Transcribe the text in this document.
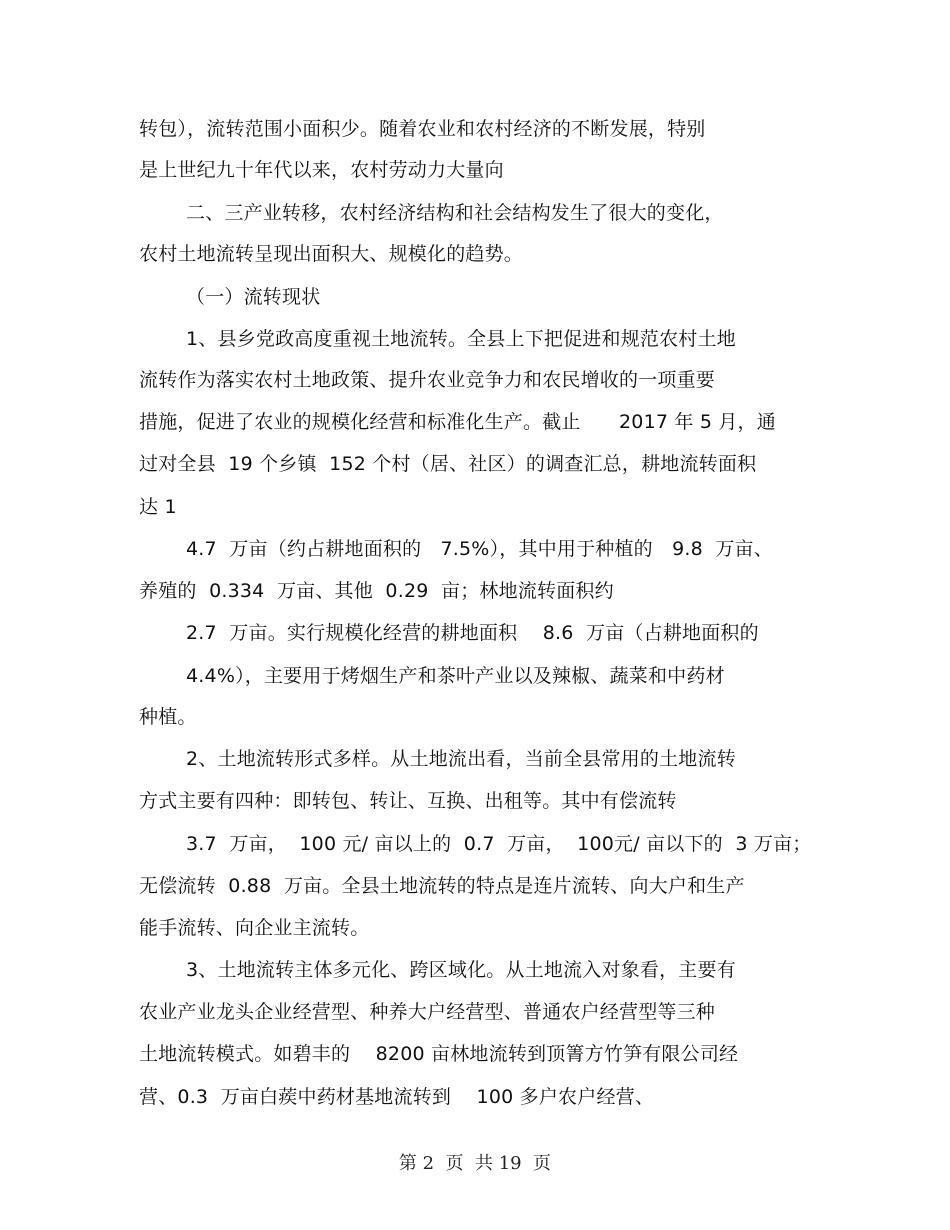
转包），流转范围小面积少。随着农业和农村经济的不断发展，特别
是上世纪九十年代以来，农村劳动力大量向
二、三产业转移，农村经济结构和社会结构发生了很大的变化，
农村土地流转呈现出面积大、规模化的趋势。
（一）流转现状
1、县乡党政高度重视土地流转。全县上下把促进和规范农村土地
流转作为落实农村土地政策、提升农业竞争力和农民增收的一项重要
措施，促进了农业的规模化经营和标准化生产。截止　　2017 年 5 月，通
过对全县  19 个乡镇  152 个村（居、社区）的调查汇总，耕地流转面积
达 1
4.7  万亩（约占耕地面积的　7.5%），其中用于种植的　9.8  万亩、
养殖的  0.334  万亩、其他  0.29  亩；林地流转面积约
2.7  万亩。实行规模化经营的耕地面积　 8.6  万亩（占耕地面积的
4.4%），主要用于烤烟生产和茶叶产业以及辣椒、蔬菜和中药材
种植。
2、土地流转形式多样。从土地流出看，当前全县常用的土地流转
方式主要有四种：即转包、转让、互换、出租等。其中有偿流转
3.7  万亩，  100 元/ 亩以上的  0.7  万亩，  100元/ 亩以下的  3 万亩；
无偿流转  0.88  万亩。全县土地流转的特点是连片流转、向大户和生产
能手流转、向企业主流转。
3、土地流转主体多元化、跨区域化。从土地流入对象看，主要有
农业产业龙头企业经营型、种养大户经营型、普通农户经营型等三种
土地流转模式。如碧丰的　 8200 亩林地流转到顶箐方竹笋有限公司经
营、0.3  万亩白蒺中药材基地流转到　 100 多户农户经营、
第 2  页  共 19  页
